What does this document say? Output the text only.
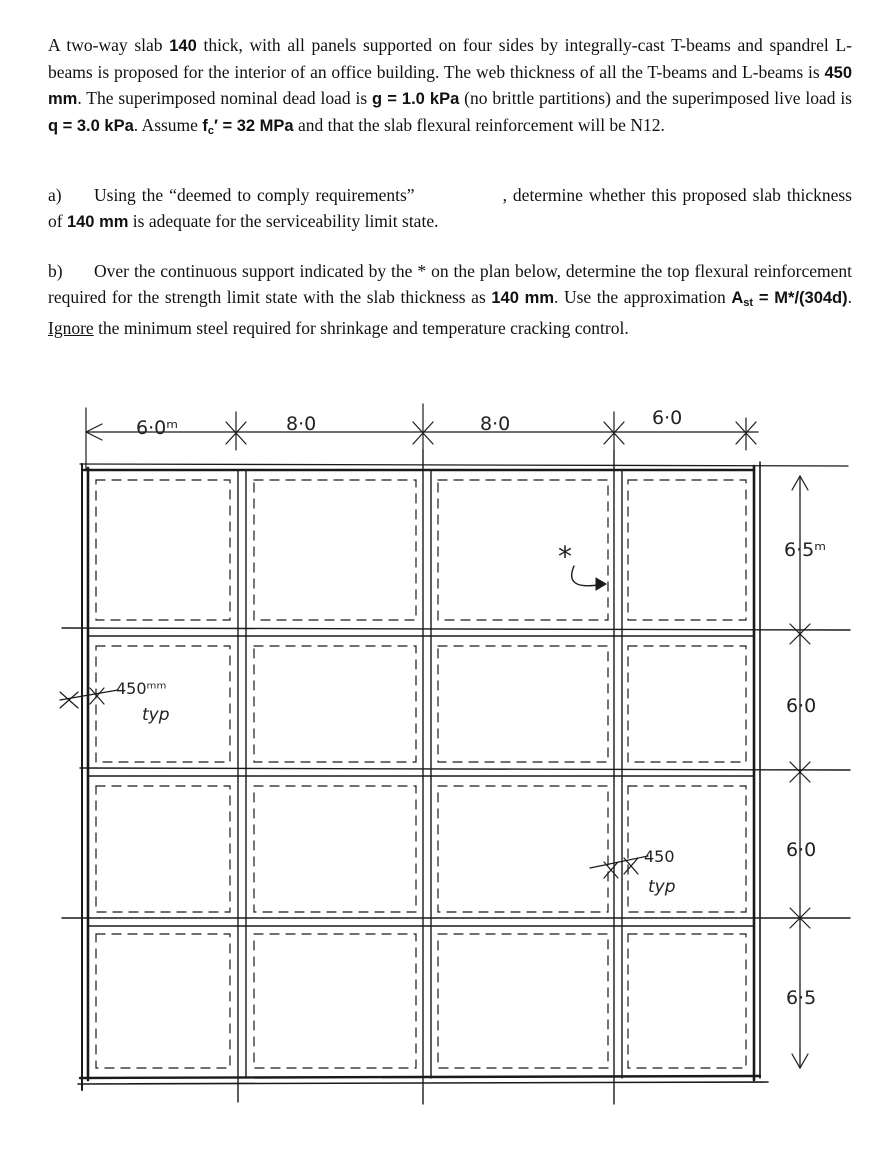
A two-way slab 140 thick, with all panels supported on four sides by integrally-cast T-beams and spandrel L-beams is proposed for the interior of an office building. The web thickness of all the T-beams and L-beams is 450 mm. The superimposed nominal dead load is g = 1.0 kPa (no brittle partitions) and the superimposed live load is q = 3.0 kPa. Assume $f_c' = 32$ MPa and that the slab flexural reinforcement will be N12.
a) Using the “deemed to comply requirements”	, determine whether this proposed slab thickness of 140 mm is adequate for the serviceability limit state.
b) Over the continuous support indicated by the * on the plan below, determine the top flexural reinforcement required for the strength limit state with the slab thickness as 140 mm. Use the approximation $A_{st} = M*/(304d)$. Ignore the minimum steel required for shrinkage and temperature cracking control.
6·0ᵐ	8·0	8·0	6·0
6·5ᵐ
6·0
6·0
6·5
450ᵐᵐ
typ
450
typ
*
